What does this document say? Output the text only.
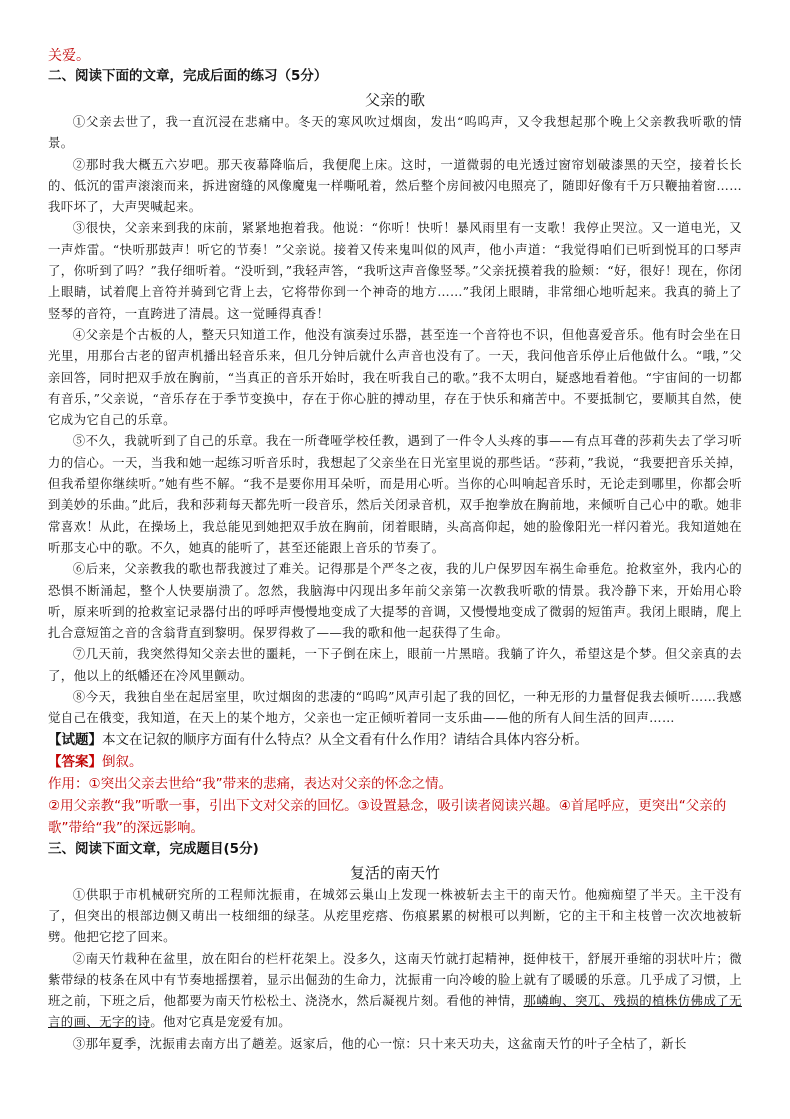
关爱。

二、阅读下面的文章，完成后面的练习（5分）

父亲的歌

①父亲去世了，我一直沉浸在悲痛中。冬天的寒风吹过烟囱，发出“呜呜声，又令我想起那个晚上父亲教我听歌的情景。

②那时我大概五六岁吧。那天夜幕降临后，我便爬上床。这时，一道微弱的电光透过窗帘划破漆黑的天空，接着长长的、低沉的雷声滚滚而来，拆进窗缝的风像魔鬼一样嘶吼着，然后整个房间被闪电照亮了，随即好像有千万只鞭抽着窗……我吓坏了，大声哭喊起来。

③很快，父亲来到我的床前，紧紧地抱着我。他说：“你听！快听！暴风雨里有一支歌！我停止哭泣。又一道电光，又一声炸雷。“快听那鼓声！听它的节奏！”父亲说。接着又传来鬼叫似的风声，他小声道：“我觉得咱们已听到悦耳的口琴声了，你听到了吗？”我仔细听着。“没听到，”我轻声答，“我听这声音像竖琴。”父亲抚摸着我的脸颊：“好，很好！现在，你闭上眼睛，试着爬上音符并骑到它背上去，它将带你到一个神奇的地方……”我闭上眼睛，非常细心地听起来。我真的骑上了竖琴的音符，一直跨进了清晨。这一觉睡得真香！

④父亲是个古板的人，整天只知道工作，他没有演奏过乐器，甚至连一个音符也不识，但他喜爱音乐。他有时会坐在日光里，用那台古老的留声机播出轻音乐来，但几分钟后就什么声音也没有了。一天，我问他音乐停止后他做什么。“哦，”父亲回答，同时把双手放在胸前，“当真正的音乐开始时，我在听我自己的歌。”我不太明白，疑惑地看着他。“宇宙间的一切都有音乐，”父亲说，“音乐存在于季节变换中，存在于你心脏的搏动里，存在于快乐和痛苦中。不要抵制它，要顺其自然，使它成为它自己的乐章。

⑤不久，我就听到了自己的乐章。我在一所聋哑学校任教，遇到了一件令人头疼的事——有点耳聋的莎莉失去了学习听力的信心。一天，当我和她一起练习听音乐时，我想起了父亲坐在日光室里说的那些话。“莎莉，”我说，“我要把音乐关掉，但我希望你继续听。”她有些不解。“我不是要你用耳朵听，而是用心听。当你的心叫响起音乐时，无论走到哪里，你都会听到美妙的乐曲。”此后，我和莎莉每天都先听一段音乐，然后关闭录音机，双手抱拳放在胸前地，来倾听自己心中的歌。她非常喜欢！从此，在操场上，我总能见到她把双手放在胸前，闭着眼睛，头高高仰起，她的脸像阳光一样闪着光。我知道她在听那支心中的歌。不久，她真的能听了，甚至还能跟上音乐的节奏了。

⑥后来，父亲教我的歌也帮我渡过了难关。记得那是个严冬之夜，我的儿户保罗因车祸生命垂危。抢救室外，我内心的恐惧不断涌起，整个人快要崩溃了。忽然，我脑海中闪现出多年前父亲第一次教我听歌的情景。我冷静下来，开始用心聆听，原来听到的抢救室记录器付出的呼呼声慢慢地变成了大提琴的音调，又慢慢地变成了微弱的短笛声。我闭上眼睛，爬上扎合意短笛之音的含翁背直到黎明。保罗得救了——我的歌和他一起获得了生命。

⑦几天前，我突然得知父亲去世的噩耗，一下子倒在床上，眼前一片黑暗。我躺了许久，希望这是个梦。但父亲真的去了，他以上的纸幡还在冷风里颤动。

⑧今天，我独自坐在起居室里，吹过烟囱的悲凄的“呜呜”风声引起了我的回忆，一种无形的力量督促我去倾听……我感觉自己在俄变，我知道，在天上的某个地方，父亲也一定正倾听着同一支乐曲——他的所有人间生活的回声……

【试题】本文在记叙的顺序方面有什么特点？从全文看有什么作用？请结合具体内容分析。

【答案】倒叙。

作用：①突出父亲去世给“我”带来的悲痛，表达对父亲的怀念之情。

②用父亲教“我”听歌一事，引出下文对父亲的回忆。③设置悬念，吸引读者阅读兴趣。④首尾呼应，更突出“父亲的歌”带给“我”的深远影响。

三、阅读下面文章，完成题目(5分)

复活的南天竹

①供职于市机械研究所的工程师沈振甫，在城郊云巢山上发现一株被斩去主干的南天竹。他痴痴望了半天。主干没有了，但突出的根部边侧又萌出一枝细细的绿茎。从疙里疙瘩、伤痕累累的树根可以判断，它的主干和主枝曾一次次地被斩劈。他把它挖了回来。

②南天竹栽种在盆里，放在阳台的栏杆花架上。没多久，这南天竹就打起精神，挺伸枝干，舒展开垂缩的羽状叶片；微紫带绿的枝条在风中有节奏地摇摆着，显示出倔劲的生命力，沈振甫一向冷峻的脸上就有了暖暖的乐意。几乎成了习惯，上班之前，下班之后，他都要为南天竹松松土、浇浇水，然后凝视片刻。看他的神情，那嶙峋、突兀、残损的植株仿佛成了无言的画、无字的诗。他对它真是宠爱有加。

③那年夏季，沈振甫去南方出了趟差。返家后，他的心一惊：只十来天功夫，这盆南天竹的叶子全枯了，新长
